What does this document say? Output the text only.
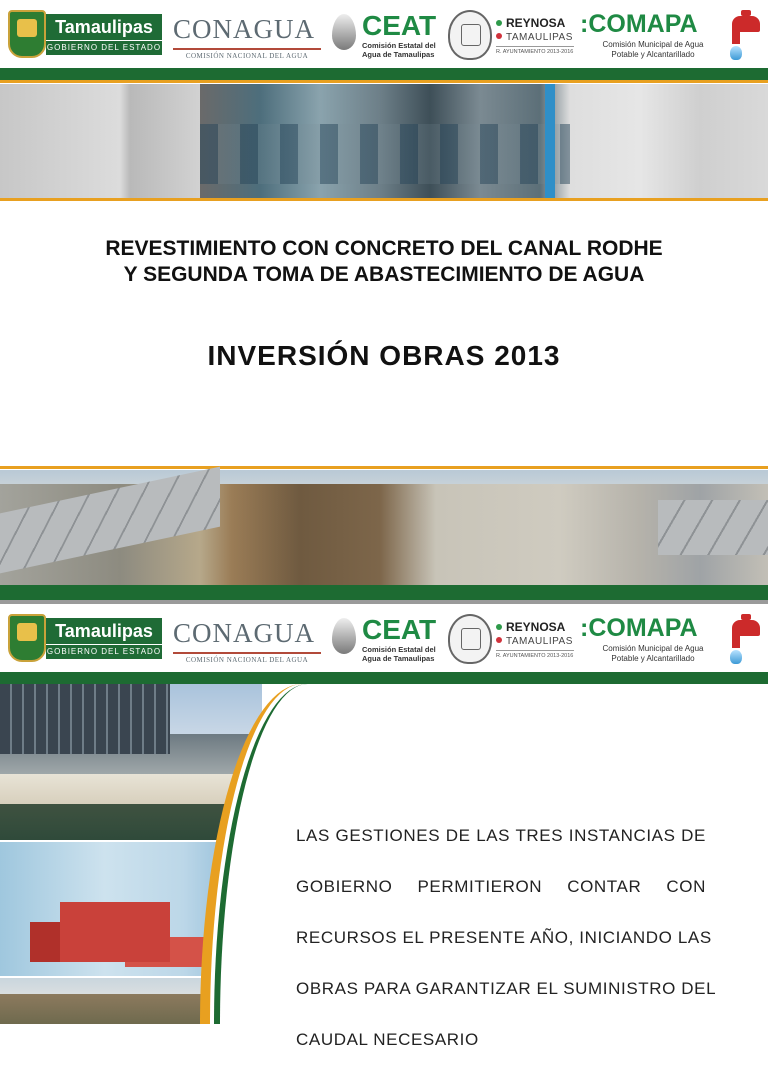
Tamaulipas
GOBIERNO DEL ESTADO
CONAGUA
COMISIÓN NACIONAL DEL AGUA
CEAT
Comisión Estatal del Agua de Tamaulipas
REYNOSA
TAMAULIPAS
R. AYUNTAMIENTO 2013-2016
:COMAPA
Comisión Municipal de Agua Potable y Alcantarillado
REVESTIMIENTO CON CONCRETO DEL CANAL RODHE Y SEGUNDA TOMA DE ABASTECIMIENTO DE AGUA
INVERSIÓN OBRAS 2013
Tamaulipas
GOBIERNO DEL ESTADO
CONAGUA
COMISIÓN NACIONAL DEL AGUA
CEAT
Comisión Estatal del Agua de Tamaulipas
REYNOSA
TAMAULIPAS
R. AYUNTAMIENTO 2013-2016
:COMAPA
Comisión Municipal de Agua Potable y Alcantarillado
LAS GESTIONES DE LAS TRES INSTANCIAS DE
GOBIERNO PERMITIERON CONTAR CON
RECURSOS EL PRESENTE AÑO, INICIANDO LAS
OBRAS PARA GARANTIZAR EL SUMINISTRO DEL
CAUDAL NECESARIO
